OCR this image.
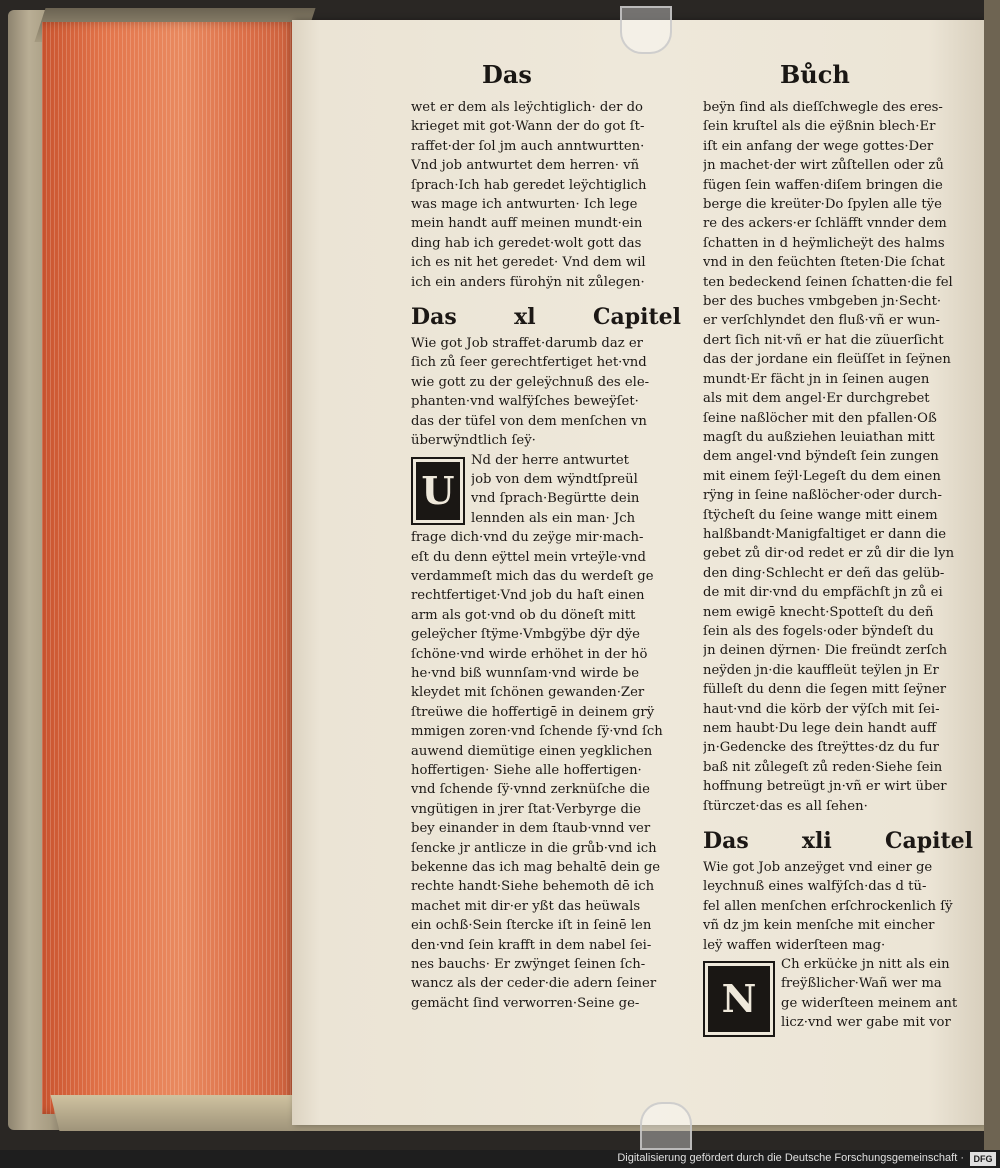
Das	Bůch
wet er dem als leÿchtiglich· der do
krieget mit got·Wann der do got ſt-
raffet·der ſol jm auch anntwurtten·
Vnd job antwurtet dem herren· vñ
ſprach·Ich hab geredet leÿchtiglich
was mage ich antwurten· Ich lege
mein handt auff meinen mundt·ein
ding hab ich geredet·wolt gott das
ich es nit het geredet· Vnd dem wil
ich ein anders fürohÿn nit zůlegen·
Das	xl	Capitel
Wie got Job straffet·darumb daz er
ſich zů ſeer gerechtfertiget het·vnd
wie gott zu der geleÿchnuß des ele-
phanten·vnd walfÿſches beweÿſet·
das der tüfel von dem menſchen vn
überwÿndtlich ſeÿ·
U
Nd der herre antwurtet
job von dem wÿndtſpreül
vnd ſprach·Begürtte dein
lennden als ein man· Jch
frage dich·vnd du zeÿge mir·mach-
eſt du denn eÿttel mein vrteÿle·vnd
verdammeſt mich das du werdeſt ge
rechtfertiget·Vnd job du haſt einen
arm als got·vnd ob du döneſt mitt
geleÿcher ſtÿme·Vmbgÿbe dÿr dÿe
ſchöne·vnd wirde erhöhet in der hö
he·vnd biß wunnſam·vnd wirde be
kleydet mit ſchönen gewanden·Zer
ſtreüwe die hoffertigē in deinem grÿ
mmigen zoren·vnd ſchende ſÿ·vnd ſch
auwend diemütige einen yegklichen
hoffertigen· Siehe alle hoffertigen·
vnd ſchende ſÿ·vnnd zerknüſche die
vngütigen in jrer ſtat·Verbyrge die
bey einander in dem ſtaub·vnnd ver
ſencke jr antlicze in die grůb·vnd ich
bekenne das ich mag behaltē dein ge
rechte handt·Siehe behemoth dē ich
machet mit dir·er yßt das heüwals
ein ochß·Sein ſtercke iſt in ſeinē len
den·vnd ſein krafft in dem nabel ſei-
nes bauchs· Er zwÿnget ſeinen ſch-
wancz als der ceder·die adern ſeiner
gemächt ſind verworren·Seine ge-
beÿn ſind als dieſſchwegle des eres-
ſein kruſtel als die eÿßnin blech·Er
iſt ein anfang der wege gottes·Der
jn machet·der wirt zůſtellen oder zů
fügen ſein waffen·diſem bringen die
berge die kreüter·Do ſpylen alle tÿe
re des ackers·er ſchläfft vnnder dem
ſchatten in d heÿmlicheÿt des halms
vnd in den feüchten ſteten·Die ſchat
ten bedeckend ſeinen ſchatten·die fel
ber des buches vmbgeben jn·Secht·
er verſchlyndet den fluß·vñ er wun-
dert ſich nit·vñ er hat die züuerſicht
das der jordane ein fleüſſet in ſeÿnen
mundt·Er fächt jn in ſeinen augen
als mit dem angel·Er durchgrebet
ſeine naßlöcher mit den pfallen·Oß
magſt du außziehen leuiathan mitt
dem angel·vnd bÿndeſt ſein zungen
mit einem ſeÿl·Legeſt du dem einen
rÿng in ſeine naßlöcher·oder durch-
ſtÿcheſt du ſeine wange mitt einem
halßbandt·Manigfaltiget er dann die
gebet zů dir·od redet er zů dir die lyn
den ding·Schlecht er deñ das gelüb-
de mit dir·vnd du empfächſt jn zů ei
nem ewigē knecht·Spotteſt du deñ
ſein als des fogels·oder bÿndeſt du
jn deinen dÿrnen· Die freündt zerſch
neÿden jn·die kauffleüt teÿlen jn Er
fülleſt du denn die ſegen mitt ſeÿner
haut·vnd die körb der vÿſch mit ſei-
nem haubt·Du lege dein handt auff
jn·Gedencke des ſtreÿttes·dz du fur
baß nit zůlegeſt zů reden·Siehe ſein
hoffnung betreügt jn·vñ er wirt über
ſtürczet·das es all ſehen·
Das xli Capitel
Wie got Job anzeÿget vnd einer ge
leychnuß eines walfÿſch·das d tü-
fel allen menſchen erſchrockenlich ſÿ
vñ dz jm kein menſche mit eincher
leÿ waffen widerſteen mag·
N
Ch erküċke jn nitt als ein
freÿßlicher·Wañ wer ma
ge widerſteen meinem ant
licz·vnd wer gabe mit vor
Digitalisierung gefördert durch die Deutsche Forschungsgemeinschaft ·	DFG
